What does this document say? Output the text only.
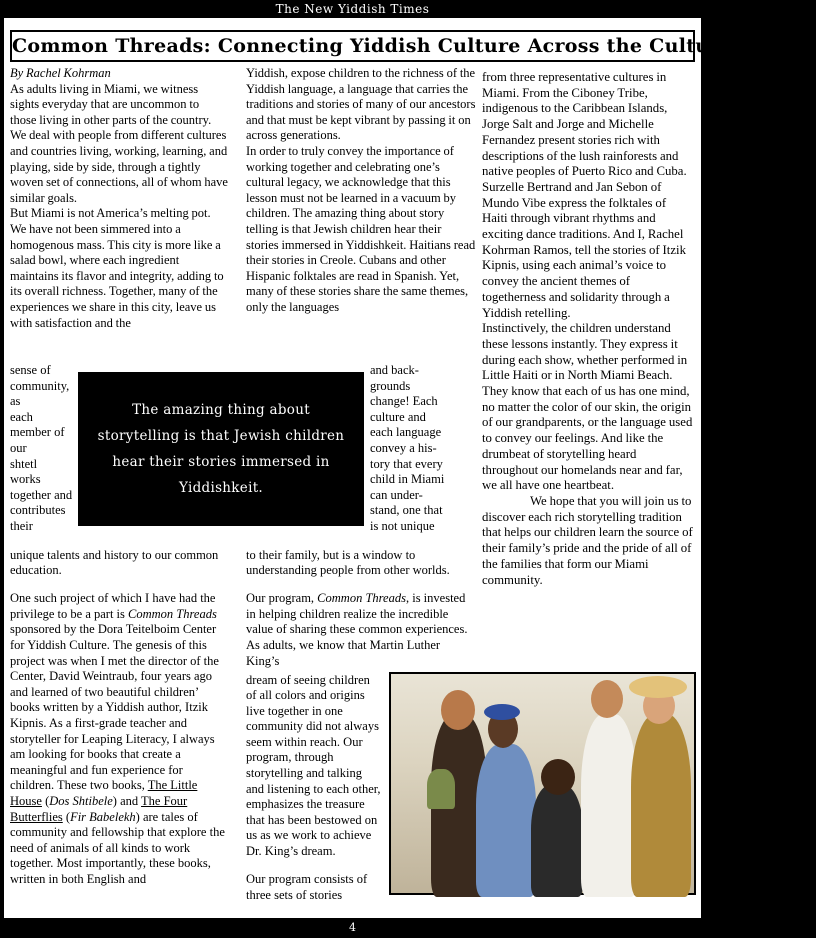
The New Yiddish Times
Common Threads: Connecting Yiddish Culture Across the Cultural Divide

By Rachel Kohrman

As adults living in Miami, we witness sights everyday that are uncommon to those living in other parts of the country. We deal with people from different cultures and countries living, working, learning, and playing, side by side, through a tightly woven set of connections, all of whom have similar goals.

But Miami is not America’s melting pot. We have not been simmered into a homogenous mass. This city is more like a salad bowl, where each ingredient maintains its flavor and integrity, adding to its overall richness. Together, many of the experiences we share in this city, leave us with satisfaction and the

sense of
community, as
each member of our
shtetl
works together and
contributes
their

unique talents and history to our common education.

One such project of which I have had the privilege to be a part is Common Threads sponsored by the Dora Teitelboim Center for Yiddish Culture. The genesis of this project was when I met the director of the Center, David Weintraub, four years ago and learned of two beautiful children’ books written by a Yiddish author, Itzik Kipnis. As a first-grade teacher and storyteller for Leaping Literacy, I always am looking for books that create a meaningful and fun experience for children. These two books, The Little House (Dos Shtibele) and The Four Butterflies (Fir Babelekh) are tales of community and fellowship that explore the need of animals of all kinds to work together. Most importantly, these books, written in both English and

Yiddish, expose children to the richness of the Yiddish language, a language that carries the traditions and stories of many of our ancestors and that must be kept vibrant by passing it on across generations.

In order to truly convey the importance of working together and celebrating one’s cultural legacy, we acknowledge that this lesson must not be learned in a vacuum by children. The amazing thing about story telling is that Jewish children hear their stories immersed in Yiddishkeit. Haitians read their stories in Creole. Cubans and other Hispanic folktales are read in Spanish. Yet, many of these stories share the same themes, only the languages

and back-
grounds
change! Each
culture and
each language
convey a his-
tory that every
child in Miami
can under-
stand, one that
is not unique

to their family, but is a window to understanding people from other worlds.

Our program, Common Threads, is invested in helping children realize the incredible value of sharing these common experiences. As adults, we know that Martin Luther King’s

dream of seeing children of all colors and origins live together in one community did not always seem within reach. Our program, through storytelling and talking and listening to each other, emphasizes the treasure that has been bestowed on us as we work to achieve Dr. King’s dream.

Our program consists of three sets of stories

from three representative cultures in Miami. From the Ciboney Tribe, indigenous to the Caribbean Islands, Jorge Salt and Jorge and Michelle Fernandez present stories rich with descriptions of the lush rainforests and native peoples of Puerto Rico and Cuba. Surzelle Bertrand and Jan Sebon of Mundo Vibe express the folktales of Haiti through vibrant rhythms and exciting dance traditions. And I, Rachel Kohrman Ramos, tell the stories of Itzik Kipnis, using each animal’s voice to convey the ancient themes of togetherness and solidarity through a Yiddish retelling.

Instinctively, the children understand these lessons instantly. They express it during each show, whether performed in Little Haiti or in North Miami Beach. They know that each of us has one mind, no matter the color of our skin, the origin of our grandparents, or the language used to convey our feelings. And like the drumbeat of storytelling heard throughout our homelands near and far, we all have one heartbeat.

We hope that you will join us to discover each rich storytelling tradition that helps our children learn the source of their family’s pride and the pride of all of the families that form our Miami community.

The amazing thing about storytelling is that Jewish children hear their stories immersed in Yiddishkeit.
4
